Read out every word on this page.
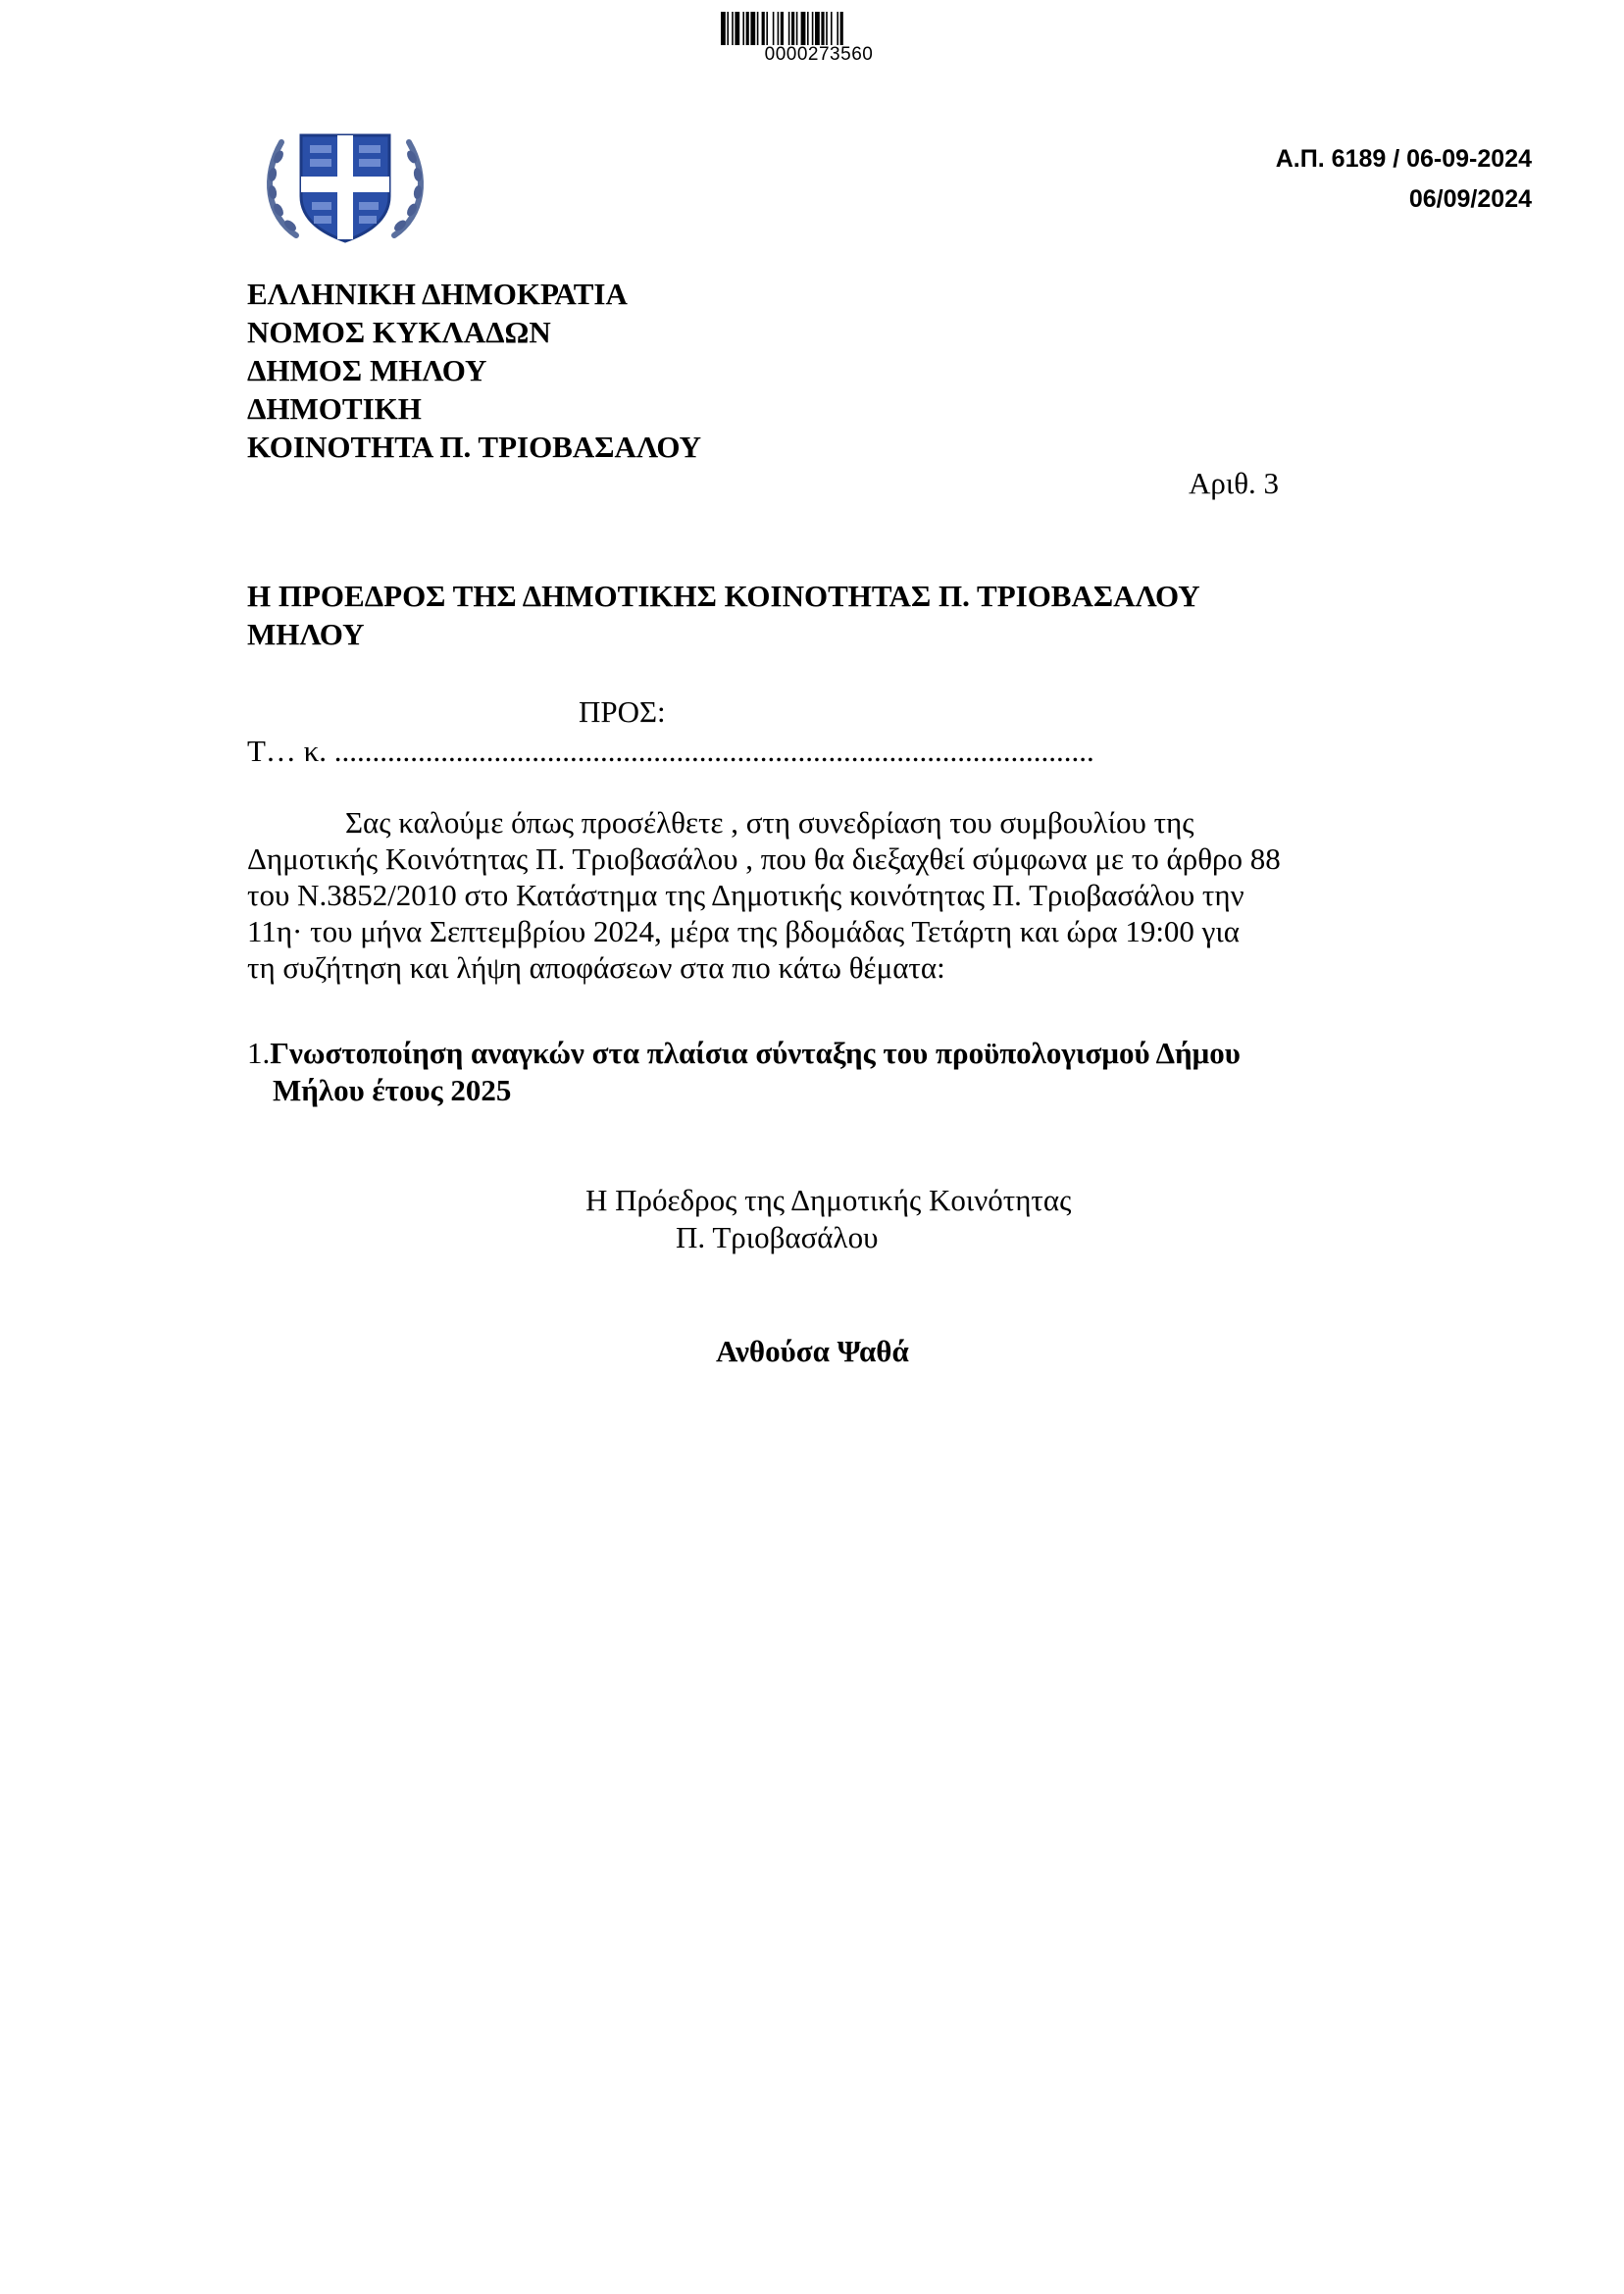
0000273560
Α.Π. 6189 / 06-09-2024
06/09/2024
ΕΛΛΗΝΙΚΗ ΔΗΜΟΚΡΑΤΙΑ
ΝΟΜΟΣ ΚΥΚΛΑΔΩΝ
ΔΗΜΟΣ ΜΗΛΟΥ
ΔΗΜΟΤΙΚΗ
ΚΟΙΝΟΤΗΤΑ Π. ΤΡΙΟΒΑΣΑΛΟΥ
Αριθ. 3
Η ΠΡΟΕΔΡΟΣ ΤΗΣ ΔΗΜΟΤΙΚΗΣ ΚΟΙΝΟΤΗΤΑΣ Π. ΤΡΙΟΒΑΣΑΛΟΥ
ΜΗΛΟΥ
ΠΡΟΣ:
Τ… κ. ....................................................................................................
Σας καλούμε όπως προσέλθετε , στη συνεδρίαση του συμβουλίου της
Δημοτικής Κοινότητας Π. Τριοβασάλου , που θα διεξαχθεί σύμφωνα με το άρθρο 88
του Ν.3852/2010 στο Κατάστημα της Δημοτικής κοινότητας Π. Τριοβασάλου την
11η· του μήνα Σεπτεμβρίου 2024, μέρα της βδομάδας Τετάρτη και ώρα 19:00 για
τη συζήτηση και λήψη αποφάσεων στα πιο κάτω θέματα:
1.Γνωστοποίηση αναγκών στα πλαίσια σύνταξης του προϋπολογισμού Δήμου
Μήλου έτους 2025
Η Πρόεδρος της Δημοτικής Κοινότητας
Π. Τριοβασάλου
Ανθούσα Ψαθά
